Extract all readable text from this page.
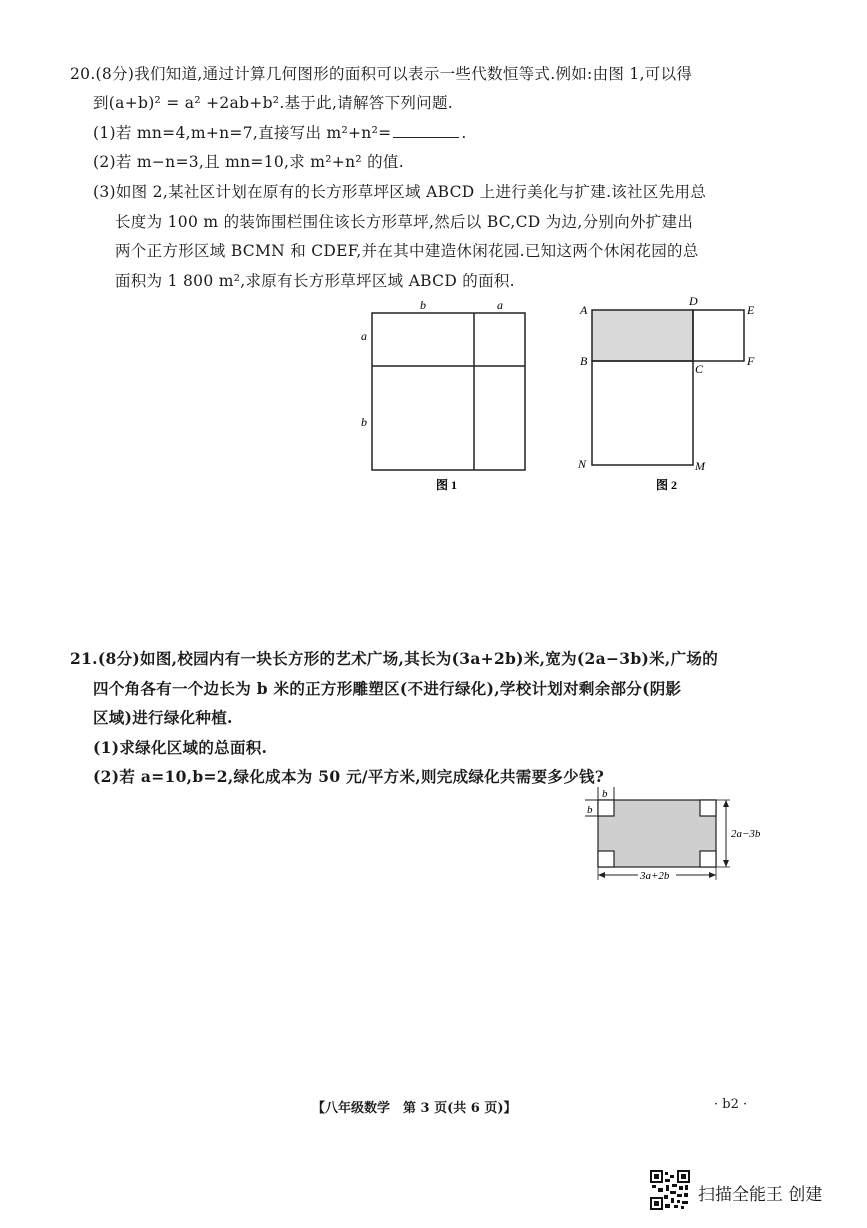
20.(8分)我们知道,通过计算几何图形的面积可以表示一些代数恒等式.例如:由图 1,可以得
到(a+b)² = a² +2ab+b².基于此,请解答下列问题.
(1)若 mn=4,m+n=7,直接写出 m²+n²=	.
(2)若 m−n=3,且 mn=10,求 m²+n² 的值.
(3)如图 2,某社区计划在原有的长方形草坪区域 ABCD 上进行美化与扩建.该社区先用总
长度为 100 m 的装饰围栏围住该长方形草坪,然后以 BC,CD 为边,分别向外扩建出
两个正方形区域 BCMN 和 CDEF,并在其中建造休闲花园.已知这两个休闲花园的总
面积为 1 800 m²,求原有长方形草坪区域 ABCD 的面积.
b	a
a
b
图 1
A
D
E
B
C
F
N	M
图 2
21.(8分)如图,校园内有一块长方形的艺术广场,其长为(3a+2b)米,宽为(2a−3b)米,广场的
四个角各有一个边长为 b 米的正方形雕塑区(不进行绿化),学校计划对剩余部分(阴影
区域)进行绿化种植.
(1)求绿化区域的总面积.
(2)若 a=10,b=2,绿化成本为 50 元/平方米,则完成绿化共需要多少钱?
b
b
2a−3b
3a+2b
【八年级数学　第 3 页(共 6 页)】	· b2 ·
扫描全能王 创建
